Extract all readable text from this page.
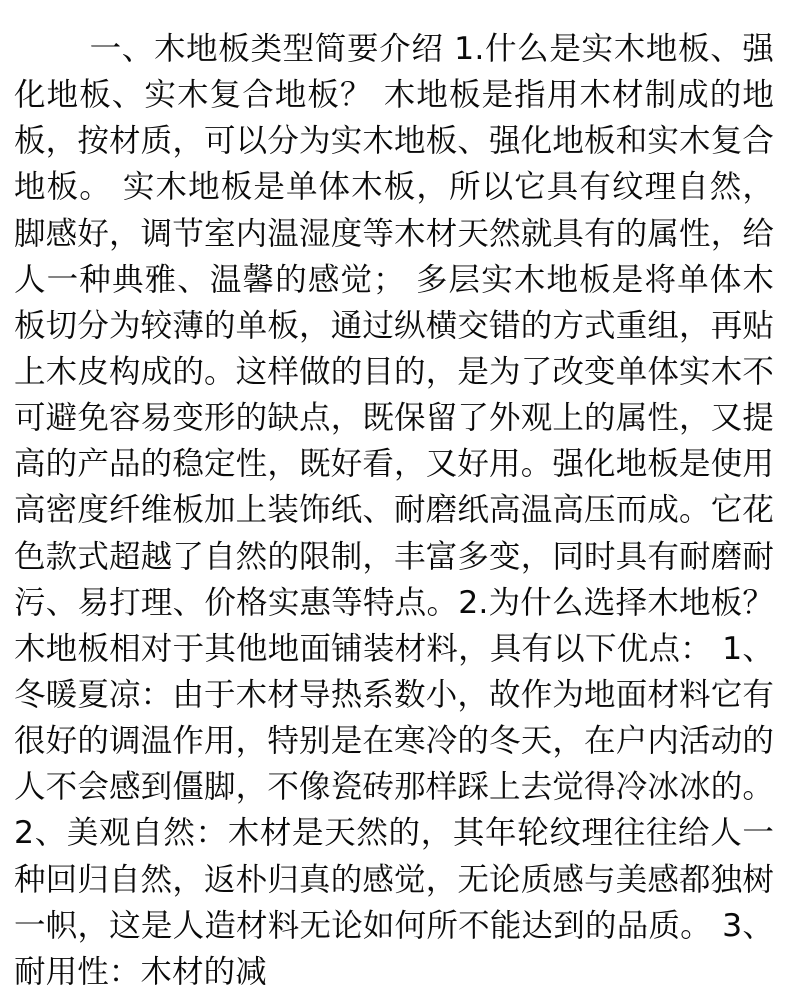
一、木地板类型简要介绍 1.什么是实木地板、强化地板、实木复合地板？ 木地板是指用木材制成的地板，按材质，可以分为实木地板、强化地板和实木复合地板。 实木地板是单体木板，所以它具有纹理自然，脚感好，调节室内温湿度等木材天然就具有的属性，给人一种典雅、温馨的感觉； 多层实木地板是将单体木板切分为较薄的单板，通过纵横交错的方式重组，再贴上木皮构成的。这样做的目的，是为了改变单体实木不可避免容易变形的缺点，既保留了外观上的属性，又提高的产品的稳定性，既好看，又好用。强化地板是使用高密度纤维板加上装饰纸、耐磨纸高温高压而成。它花色款式超越了自然的限制，丰富多变，同时具有耐磨耐污、易打理、价格实惠等特点。2.为什么选择木地板？ 木地板相对于其他地面铺装材料，具有以下优点： 1、冬暖夏凉：由于木材导热系数小，故作为地面材料它有很好的调温作用，特别是在寒冷的冬天，在户内活动的人不会感到僵脚，不像瓷砖那样踩上去觉得冷冰冰的。 2、美观自然：木材是天然的，其年轮纹理往往给人一种回归自然，返朴归真的感觉，无论质感与美感都独树一帜，这是人造材料无论如何所不能达到的品质。 3、耐用性：木材的减
